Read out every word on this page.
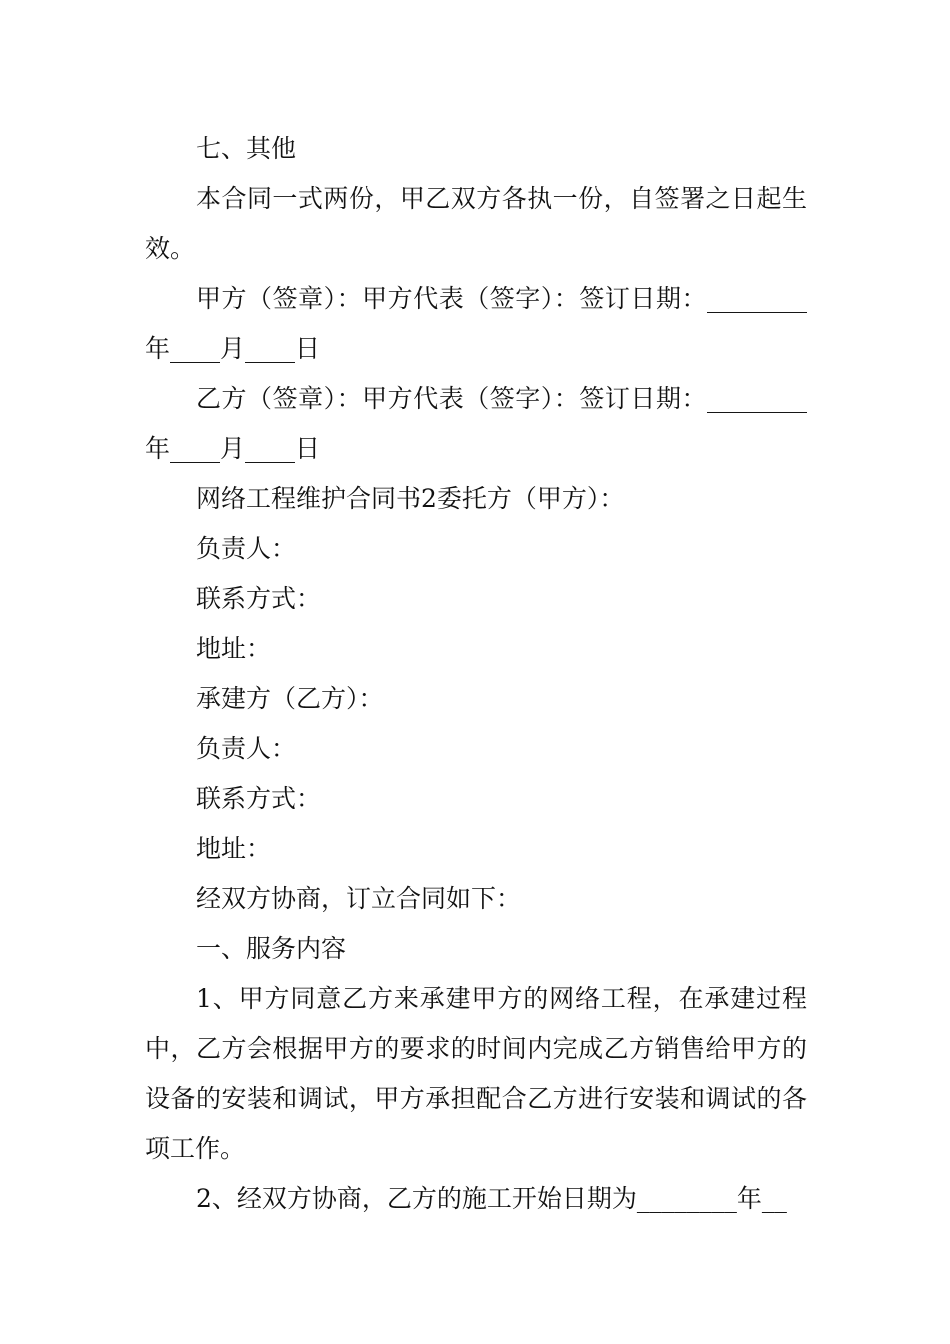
七、其他

本合同一式两份，甲乙双方各执一份，自签署之日起生效。

甲方（签章）：甲方代表（签字）：签订日期：________年____月____日

乙方（签章）：甲方代表（签字）：签订日期：________年____月____日

网络工程维护合同书2委托方（甲方）：

负责人：

联系方式：

地址：

承建方（乙方）：

负责人：

联系方式：

地址：

经双方协商，订立合同如下：

一、服务内容

1、甲方同意乙方来承建甲方的网络工程，在承建过程中，乙方会根据甲方的要求的时间内完成乙方销售给甲方的设备的安装和调试，甲方承担配合乙方进行安装和调试的各项工作。

2、经双方协商，乙方的施工开始日期为________年__
